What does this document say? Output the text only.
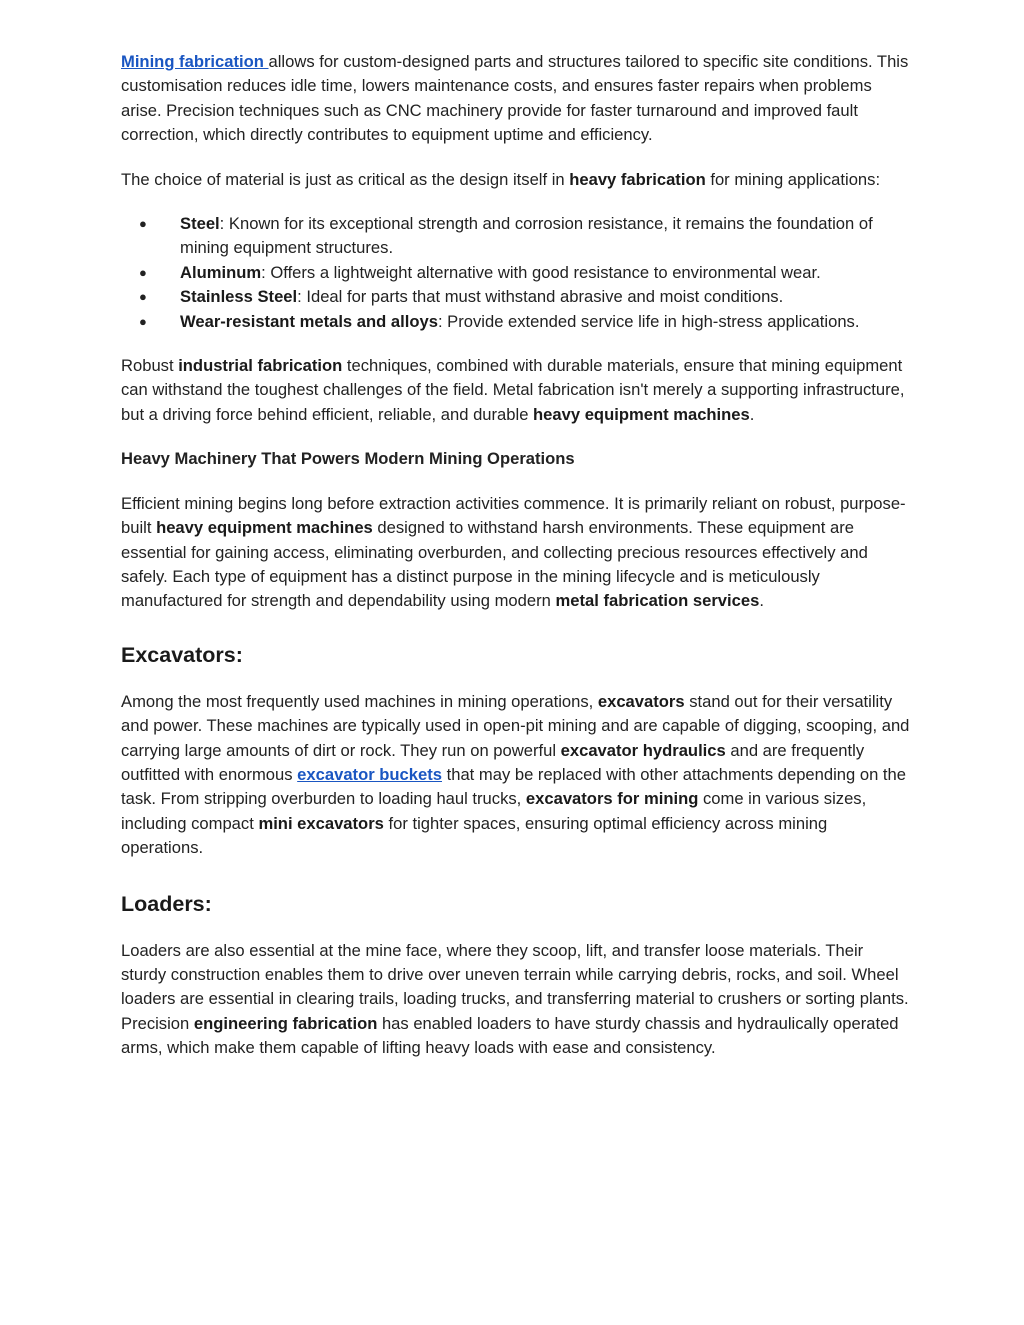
Mining fabrication allows for custom-designed parts and structures tailored to specific site conditions. This customisation reduces idle time, lowers maintenance costs, and ensures faster repairs when problems arise. Precision techniques such as CNC machinery provide for faster turnaround and improved fault correction, which directly contributes to equipment uptime and efficiency.

The choice of material is just as critical as the design itself in heavy fabrication for mining applications:

● Steel: Known for its exceptional strength and corrosion resistance, it remains the foundation of mining equipment structures.
● Aluminum: Offers a lightweight alternative with good resistance to environmental wear.
● Stainless Steel: Ideal for parts that must withstand abrasive and moist conditions.
● Wear-resistant metals and alloys: Provide extended service life in high-stress applications.

Robust industrial fabrication techniques, combined with durable materials, ensure that mining equipment can withstand the toughest challenges of the field. Metal fabrication isn't merely a supporting infrastructure, but a driving force behind efficient, reliable, and durable heavy equipment machines.

Heavy Machinery That Powers Modern Mining Operations

Efficient mining begins long before extraction activities commence. It is primarily reliant on robust, purpose-built heavy equipment machines designed to withstand harsh environments. These equipment are essential for gaining access, eliminating overburden, and collecting precious resources effectively and safely. Each type of equipment has a distinct purpose in the mining lifecycle and is meticulously manufactured for strength and dependability using modern metal fabrication services.

Excavators:

Among the most frequently used machines in mining operations, excavators stand out for their versatility and power. These machines are typically used in open-pit mining and are capable of digging, scooping, and carrying large amounts of dirt or rock. They run on powerful excavator hydraulics and are frequently outfitted with enormous excavator buckets that may be replaced with other attachments depending on the task. From stripping overburden to loading haul trucks, excavators for mining come in various sizes, including compact mini excavators for tighter spaces, ensuring optimal efficiency across mining operations.

Loaders:

Loaders are also essential at the mine face, where they scoop, lift, and transfer loose materials. Their sturdy construction enables them to drive over uneven terrain while carrying debris, rocks, and soil. Wheel loaders are essential in clearing trails, loading trucks, and transferring material to crushers or sorting plants. Precision engineering fabrication has enabled loaders to have sturdy chassis and hydraulically operated arms, which make them capable of lifting heavy loads with ease and consistency.
